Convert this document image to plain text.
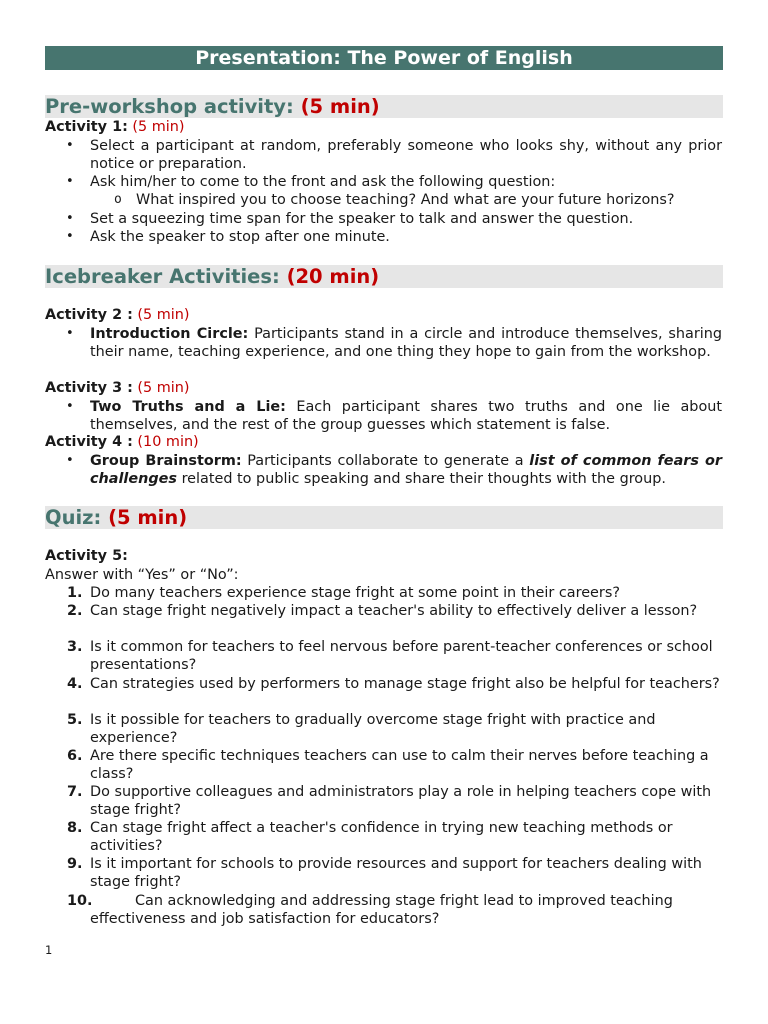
Presentation: The Power of English
Pre-workshop activity: (5 min)
Activity 1: (5 min)
• Select a participant at random, preferably someone who looks shy, without any prior notice or preparation.
• Ask him/her to come to the front and ask the following question:
o What inspired you to choose teaching? And what are your future horizons?
• Set a squeezing time span for the speaker to talk and answer the question.
• Ask the speaker to stop after one minute.
Icebreaker Activities: (20 min)
Activity 2 : (5 min)
• Introduction Circle: Participants stand in a circle and introduce themselves, sharing their name, teaching experience, and one thing they hope to gain from the workshop.
Activity 3 : (5 min)
• Two Truths and a Lie: Each participant shares two truths and one lie about themselves, and the rest of the group guesses which statement is false.
Activity 4 : (10 min)
• Group Brainstorm: Participants collaborate to generate a list of common fears or challenges related to public speaking and share their thoughts with the group.
Quiz: (5 min)
Activity 5:
Answer with “Yes” or “No”:
1. Do many teachers experience stage fright at some point in their careers?
2. Can stage fright negatively impact a teacher's ability to effectively deliver a lesson?
3. Is it common for teachers to feel nervous before parent-teacher conferences or school presentations?
4. Can strategies used by performers to manage stage fright also be helpful for teachers?
5. Is it possible for teachers to gradually overcome stage fright with practice and experience?
6. Are there specific techniques teachers can use to calm their nerves before teaching a class?
7. Do supportive colleagues and administrators play a role in helping teachers cope with stage fright?
8. Can stage fright affect a teacher's confidence in trying new teaching methods or activities?
9. Is it important for schools to provide resources and support for teachers dealing with stage fright?
10.	Can acknowledging and addressing stage fright lead to improved teaching effectiveness and job satisfaction for educators?
1
